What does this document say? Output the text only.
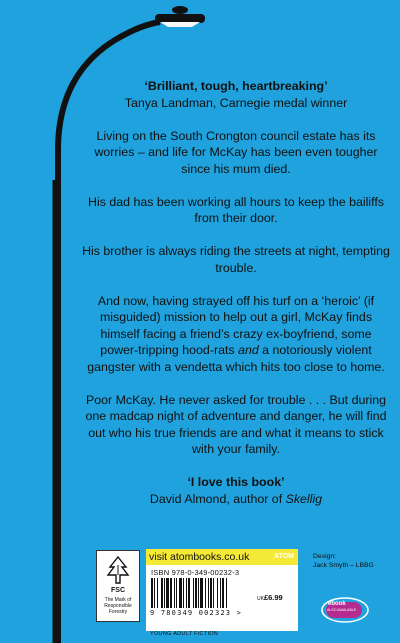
‘Brilliant, tough, heartbreaking’
Tanya Landman, Carnegie medal winner

Living on the South Crongton council estate has its worries – and life for McKay has been even tougher since his mum died.

His dad has been working all hours to keep the bailiffs from their door.

His brother is always riding the streets at night, tempting trouble.

And now, having strayed off his turf on a ‘heroic’ (if misguided) mission to help out a girl, McKay finds himself facing a friend’s crazy ex-boyfriend, some power-tripping hood-rats and a notoriously violent gangster with a vendetta which hits too close to home.

Poor McKay. He never asked for trouble . . . But during one madcap night of adventure and danger, he will find out who his true friends are and what it means to stick with your family.

‘I love this book’
David Almond, author of Skellig

FSC
The Mark of Responsible Forestry
visit atombooks.co.uk	ATOM
ISBN 978-0-349-00232-3
UK£6.99
9 780349 002323 >
YOUNG ADULT FICTION
Design:
Jack Smyth – LBBG
ebook
ALSO AVAILABLE
